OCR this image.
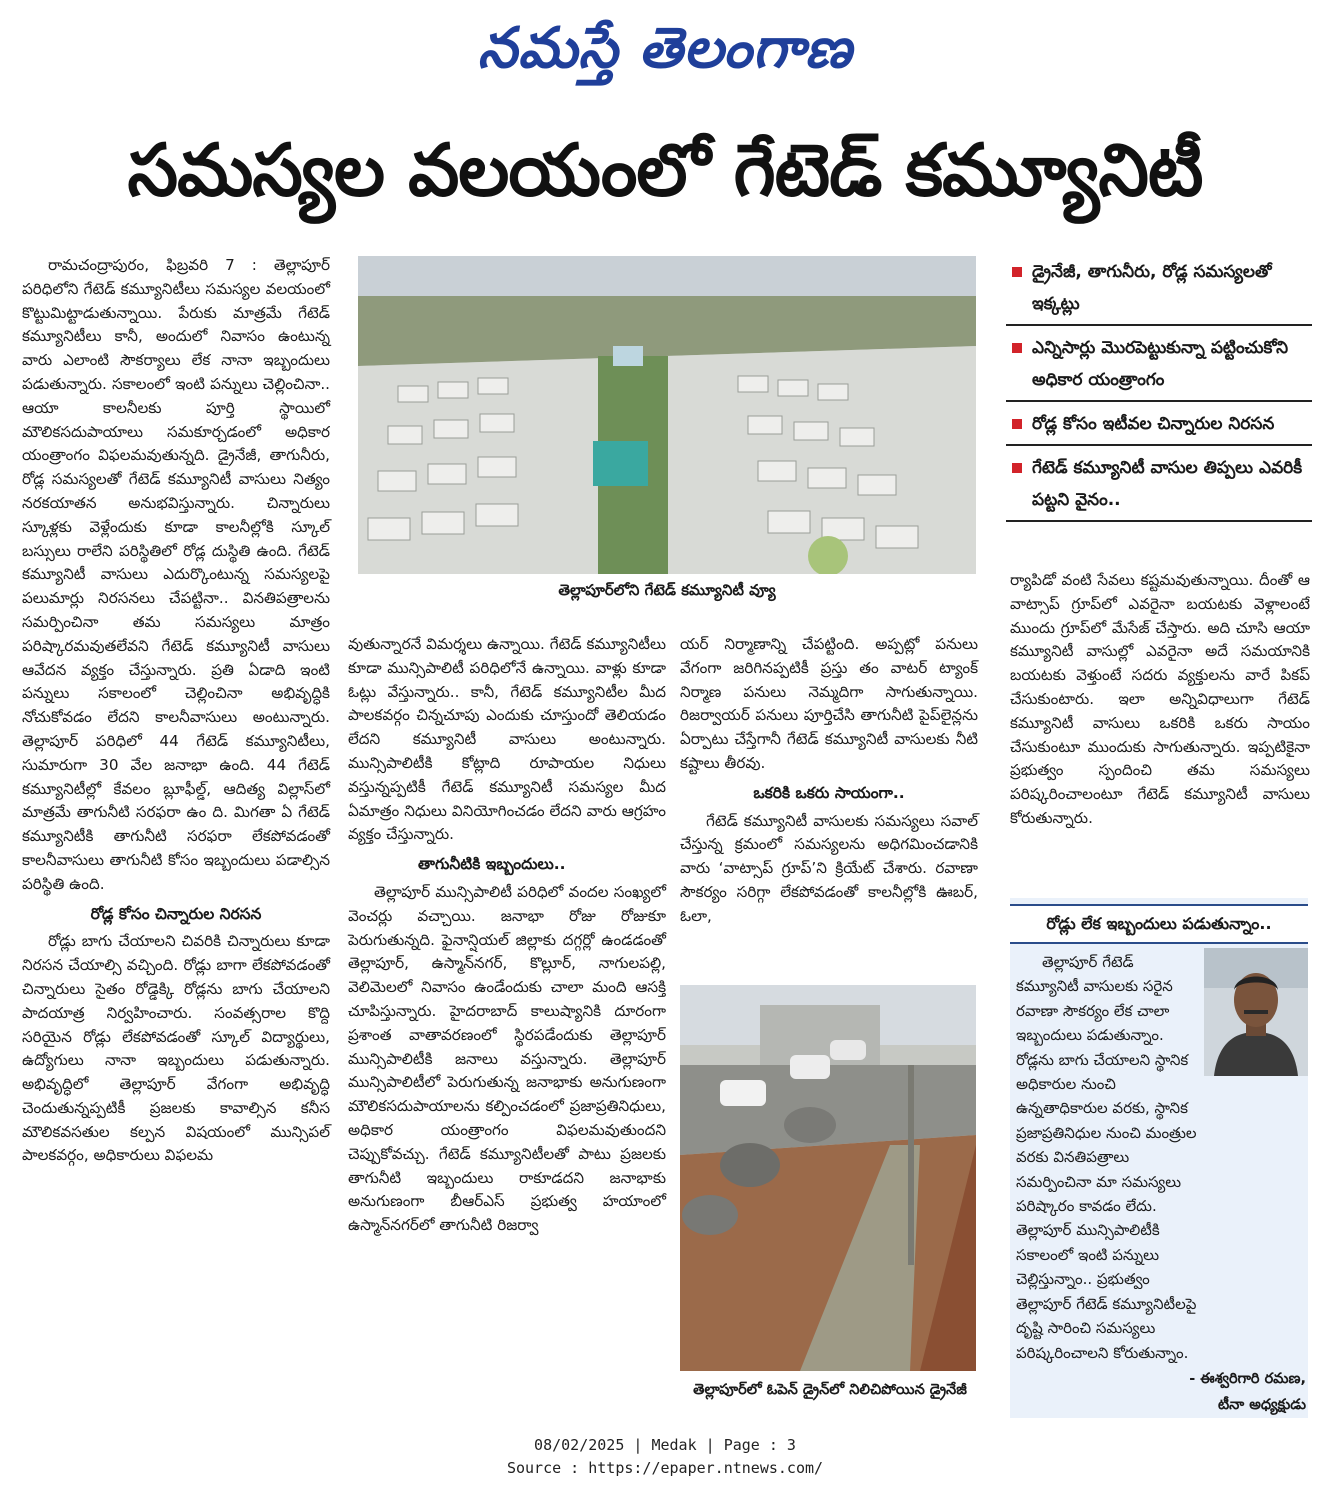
నమస్తే తెలంగాణ
సమస్యల వలయంలో గేటెడ్ కమ్యూనిటీ

రామచంద్రాపురం, ఫిబ్రవరి 7 : తెల్లాపూర్ పరిధిలోని గేటెడ్ కమ్యూనిటీలు సమస్యల వలయంలో కొట్టుమిట్టాడుతున్నాయి. పేరుకు మాత్రమే గేటెడ్ కమ్యూనిటీలు కానీ, అందులో నివాసం ఉంటున్న వారు ఎలాంటి సౌకర్యాలు లేక నానా ఇబ్బందులు పడుతున్నారు. సకాలంలో ఇంటి పన్నులు చెల్లించినా.. ఆయా కాలనీలకు పూర్తి స్థాయిలో మౌలికసదుపాయాలు సమకూర్చడంలో అధికార యంత్రాంగం విఫలమవుతున్నది. డ్రైనేజీ, తాగునీరు, రోడ్ల సమస్యలతో గేటెడ్ కమ్యూనిటీ వాసులు నిత్యం నరకయాతన అనుభవిస్తున్నారు. చిన్నారులు స్కూళ్లకు వెళ్లేందుకు కూడా కాలనీల్లోకి స్కూల్ బస్సులు రాలేని పరిస్థితిలో రోడ్ల దుస్థితి ఉంది. గేటెడ్ కమ్యూనిటీ వాసులు ఎదుర్కొంటున్న సమస్యలపై పలుమార్లు నిరసనలు చేపట్టినా.. వినతిపత్రాలను సమర్పించినా తమ సమస్యలు మాత్రం పరిష్కారమవుతలేవని గేటెడ్ కమ్యూనిటీ వాసులు ఆవేదన వ్యక్తం చేస్తున్నారు. ప్రతి ఏడాది ఇంటి పన్నులు సకాలంలో చెల్లించినా అభివృద్ధికి నోచుకోవడం లేదని కాలనీవాసులు అంటున్నారు. తెల్లాపూర్ పరిధిలో 44 గేటెడ్ కమ్యూనిటీలు, సుమారుగా 30 వేల జనాభా ఉంది. 44 గేటెడ్ కమ్యూనిటీల్లో కేవలం బ్లూఫీల్డ్, ఆదిత్య విల్లాస్‌లో మాత్రమే తాగునీటి సరఫరా ఉం ది. మిగతా ఏ గేటెడ్ కమ్యూనిటీకి తాగునీటి సరఫరా లేకపోవడంతో కాలనీవాసులు తాగునీటి కోసం ఇబ్బందులు పడాల్సిన పరిస్థితి ఉంది.

రోడ్ల కోసం చిన్నారుల నిరసన

రోడ్లు బాగు చేయాలని చివరికి చిన్నారులు కూడా నిరసన చేయాల్సి వచ్చింది. రోడ్లు బాగా లేకపోవడంతో చిన్నారులు సైతం రోడ్డెక్కి రోడ్లను బాగు చేయాలని పాదయాత్ర నిర్వహించారు. సంవత్సరాల కొద్ది సరియైన రోడ్లు లేకపోవడంతో స్కూల్ విద్యార్థులు, ఉద్యోగులు నానా ఇబ్బందులు పడుతున్నారు. అభివృద్ధిలో తెల్లాపూర్ వేగంగా అభివృద్ధి చెందుతున్నప్పటికీ ప్రజలకు కావాల్సిన కనీస మౌలికవసతుల కల్పన విషయంలో మున్సిపల్ పాలకవర్గం, అధికారులు విఫలమ

తెల్లాపూర్‌లోని గేటెడ్ కమ్యూనిటీ వ్యూ

వుతున్నారనే విమర్శలు ఉన్నాయి. గేటెడ్ కమ్యూనిటీలు కూడా మున్సిపాలిటీ పరిధిలోనే ఉన్నాయి. వాళ్లు కూడా ఓట్లు వేస్తున్నారు.. కానీ, గేటెడ్ కమ్యూనిటీల మీద పాలకవర్గం చిన్నచూపు ఎందుకు చూస్తుందో తెలియడం లేదని కమ్యూనిటీ వాసులు అంటున్నారు. మున్సిపాలిటీకి కోట్లాది రూపాయల నిధులు వస్తున్నప్పటికీ గేటెడ్ కమ్యూనిటీ సమస్యల మీద ఏమాత్రం నిధులు వినియోగించడం లేదని వారు ఆగ్రహం వ్యక్తం చేస్తున్నారు.

తాగునీటికి ఇబ్బందులు..

తెల్లాపూర్ మున్సిపాలిటీ పరిధిలో వందల సంఖ్యలో వెంచర్లు వచ్చాయి. జనాభా రోజు రోజుకూ పెరుగుతున్నది. ఫైనాన్షియల్ జిల్లాకు దగ్గర్లో ఉండడంతో తెల్లాపూర్, ఉస్మాన్‌నగర్, కొల్లూర్, నాగులపల్లి, వెలిమెలలో నివాసం ఉండేందుకు చాలా మంది ఆసక్తి చూపిస్తున్నారు. హైదరాబాద్ కాలుష్యానికి దూరంగా ప్రశాంత వాతావరణంలో స్థిరపడేందుకు తెల్లాపూర్ మున్సిపాలిటీకి జనాలు వస్తున్నారు. తెల్లాపూర్ మున్సిపాలిటీలో పెరుగుతున్న జనాభాకు అనుగుణంగా మౌలికసదుపాయాలను కల్పించడంలో ప్రజాప్రతినిధులు, అధికార యంత్రాంగం విఫలమవుతుందని చెప్పుకోవచ్చు. గేటెడ్ కమ్యూనిటీలతో పాటు ప్రజలకు తాగునీటి ఇబ్బందులు రాకూడదని జనాభాకు అనుగుణంగా బీఆర్‌ఎస్ ప్రభుత్వ హయాంలో ఉస్మాన్‌నగర్‌లో తాగునీటి రిజర్వా

యర్ నిర్మాణాన్ని చేపట్టింది. అప్పట్లో పనులు వేగంగా జరిగినప్పటికీ ప్రస్తు తం వాటర్ ట్యాంక్ నిర్మాణ పనులు నెమ్మదిగా సాగుతున్నాయి. రిజర్వాయర్ పనులు పూర్తిచేసి తాగునీటి పైప్‌లైన్లను ఏర్పాటు చేస్తేగానీ గేటెడ్ కమ్యూనిటీ వాసులకు నీటి కష్టాలు తీరవు.

ఒకరికి ఒకరు సాయంగా..

గేటెడ్ కమ్యూనిటీ వాసులకు సమస్యలు సవాల్ చేస్తున్న క్రమంలో సమస్యలను అధిగమించడానికి వారు ‘వాట్సాప్ గ్రూప్’ని క్రియేట్ చేశారు. రవాణా సౌకర్యం సరిగ్గా లేకపోవడంతో కాలనీల్లోకి ఊబర్, ఓలా,

తెల్లాపూర్‌లో ఓపెన్ డ్రైన్‌లో నిలిచిపోయిన డ్రైనేజీ
డ్రైనేజీ, తాగునీరు, రోడ్ల సమస్యలతో ఇక్కట్లు
ఎన్నిసార్లు మొరపెట్టుకున్నా పట్టించుకోని అధికార యంత్రాంగం
రోడ్ల కోసం ఇటీవల చిన్నారుల నిరసన
గేటెడ్ కమ్యూనిటీ వాసుల తిప్పలు ఎవరికీ పట్టని వైనం..

ర్యాపిడో వంటి సేవలు కష్టమవుతున్నాయి. దీంతో ఆ వాట్సాప్ గ్రూప్‌లో ఎవరైనా బయటకు వెళ్లాలంటే ముందు గ్రూప్‌లో మేసేజ్ చేస్తారు. అది చూసి ఆయా కమ్యూనిటీ వాసుల్లో ఎవరైనా అదే సమయానికి బయటకు వెళ్తుంటే సదరు వ్యక్తులను వారే పికప్ చేసుకుంటారు. ఇలా అన్నివిధాలుగా గేటెడ్ కమ్యూనిటీ వాసులు ఒకరికి ఒకరు సాయం చేసుకుంటూ ముందుకు సాగుతున్నారు. ఇప్పటికైనా ప్రభుత్వం స్పందించి తమ సమస్యలు పరిష్కరించాలంటూ గేటెడ్ కమ్యూనిటీ వాసులు కోరుతున్నారు.

రోడ్లు లేక ఇబ్బందులు పడుతున్నాం..
తెల్లాపూర్ గేటెడ్ కమ్యూనిటీ వాసులకు సరైన రవాణా సౌకర్యం లేక చాలా ఇబ్బందులు పడుతున్నాం. రోడ్లను బాగు చేయాలని స్థానిక అధికారుల నుంచి ఉన్నతాధికారుల వరకు, స్థానిక ప్రజాప్రతినిధుల నుంచి మంత్రుల వరకు వినతిపత్రాలు సమర్పించినా మా సమస్యలు పరిష్కారం కావడం లేదు. తెల్లాపూర్ మున్సిపాలిటీకి సకాలంలో ఇంటి పన్నులు చెల్లిస్తున్నాం.. ప్రభుత్వం తెల్లాపూర్ గేటెడ్ కమ్యూనిటీలపై దృష్టి సారించి సమస్యలు పరిష్కరించాలని కోరుతున్నాం.
- ఈశ్వరిగారి రమణ,
టీనా అధ్యక్షుడు
08/02/2025 | Medak | Page : 3
Source : https://epaper.ntnews.com/
